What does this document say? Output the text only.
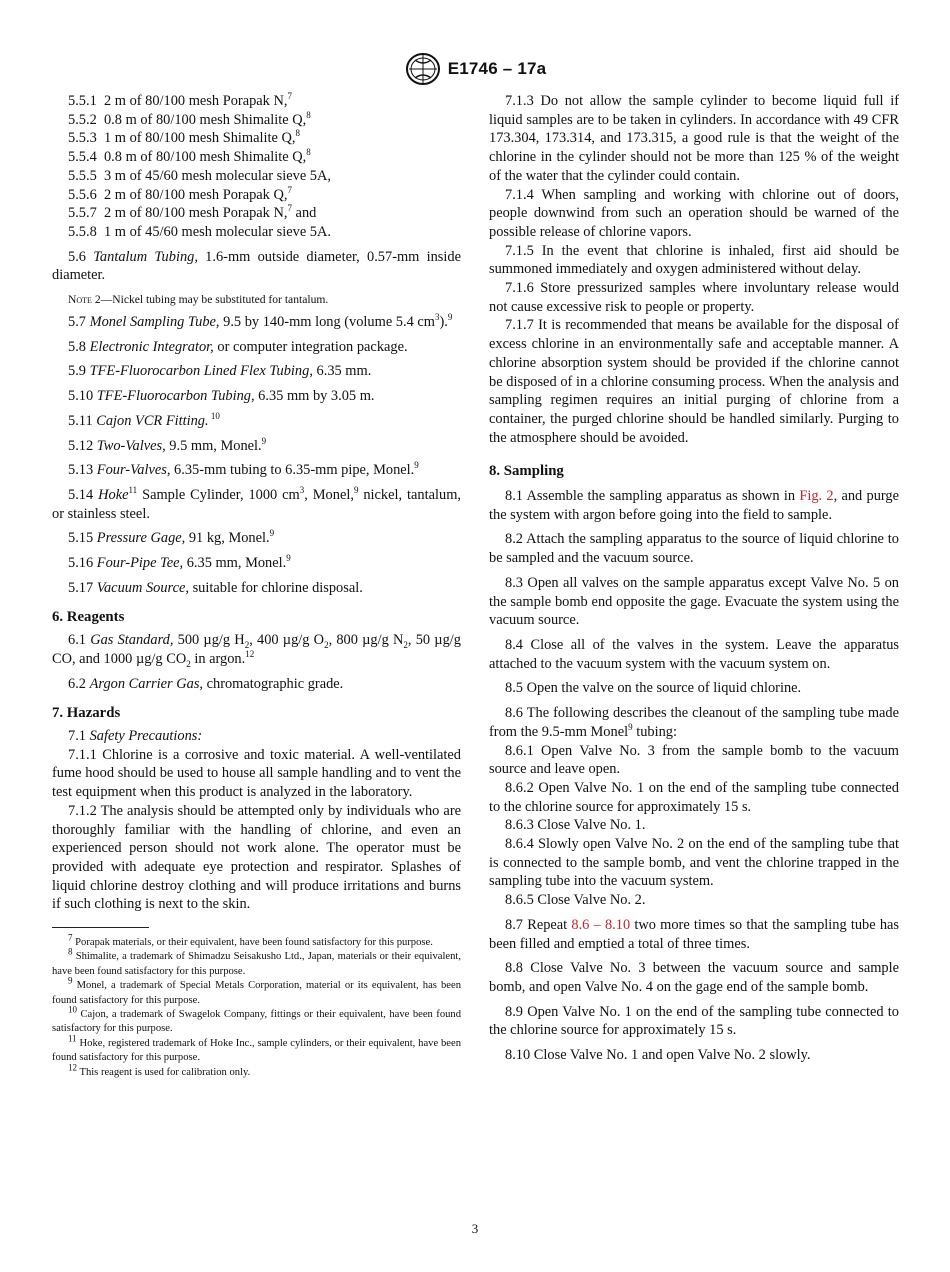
E1746 – 17a

5.5.1 2 m of 80/100 mesh Porapak N,$^7$

5.5.2 0.8 m of 80/100 mesh Shimalite Q,$^8$

5.5.3 1 m of 80/100 mesh Shimalite Q,$^8$

5.5.4 0.8 m of 80/100 mesh Shimalite Q,$^8$

5.5.5 3 m of 45/60 mesh molecular sieve 5A,

5.5.6 2 m of 80/100 mesh Porapak Q,$^7$

5.5.7 2 m of 80/100 mesh Porapak N,$^7$ and

5.5.8 1 m of 45/60 mesh molecular sieve 5A.

5.6 Tantalum Tubing, 1.6-mm outside diameter, 0.57-mm inside diameter.

Note 2—Nickel tubing may be substituted for tantalum.

5.7 Monel Sampling Tube, 9.5 by 140-mm long (volume 5.4 $cm^3).^9$

5.8 Electronic Integrator, or computer integration package.

5.9 TFE-Fluorocarbon Lined Flex Tubing, 6.35 mm.

5.10 TFE-Fluorocarbon Tubing, 6.35 mm by 3.05 m.

5.11 Cajon VCR Fitting. $^{10}$

5.12 Two-Valves, 9.5 mm, Monel.$^9$

5.13 Four-Valves, 6.35-mm tubing to 6.35-mm pipe, Monel.$^9$

5.14 Hoke$^{11}$ Sample Cylinder, 1000 $cm^3$, Monel,$^9$ nickel, tantalum, or stainless steel.

5.15 Pressure Gage, 91 kg, Monel.$^9$

5.16 Four-Pipe Tee, 6.35 mm, Monel.$^9$

5.17 Vacuum Source, suitable for chlorine disposal.

6. Reagents

6.1 Gas Standard, 500 µg/g $H_2$, 400 µg/g $O_2$, 800 µg/g $N_2$, 50 µg/g CO, and 1000 µg/g $CO_2$ in argon.$^{12}$

6.2 Argon Carrier Gas, chromatographic grade.

7. Hazards

7.1 Safety Precautions:

7.1.1 Chlorine is a corrosive and toxic material. A well-ventilated fume hood should be used to house all sample handling and to vent the test equipment when this product is analyzed in the laboratory.

7.1.2 The analysis should be attempted only by individuals who are thoroughly familiar with the handling of chlorine, and even an experienced person should not work alone. The operator must be provided with adequate eye protection and respirator. Splashes of liquid chlorine destroy clothing and will produce irritations and burns if such clothing is next to the skin.

$^7$ Porapak materials, or their equivalent, have been found satisfactory for this purpose.

$^8$ Shimalite, a trademark of Shimadzu Seisakusho Ltd., Japan, materials or their equivalent, have been found satisfactory for this purpose.

$^9$ Monel, a trademark of Special Metals Corporation, material or its equivalent, has been found satisfactory for this purpose.

$^{10}$ Cajon, a trademark of Swagelok Company, fittings or their equivalent, have been found satisfactory for this purpose.

$^{11}$ Hoke, registered trademark of Hoke Inc., sample cylinders, or their equivalent, have been found satisfactory for this purpose.

$^{12}$ This reagent is used for calibration only.

7.1.3 Do not allow the sample cylinder to become liquid full if liquid samples are to be taken in cylinders. In accordance with 49 CFR 173.304, 173.314, and 173.315, a good rule is that the weight of the chlorine in the cylinder should not be more than 125 % of the weight of the water that the cylinder could contain.

7.1.4 When sampling and working with chlorine out of doors, people downwind from such an operation should be warned of the possible release of chlorine vapors.

7.1.5 In the event that chlorine is inhaled, first aid should be summoned immediately and oxygen administered without delay.

7.1.6 Store pressurized samples where involuntary release would not cause excessive risk to people or property.

7.1.7 It is recommended that means be available for the disposal of excess chlorine in an environmentally safe and acceptable manner. A chlorine absorption system should be provided if the chlorine cannot be disposed of in a chlorine consuming process. When the analysis and sampling regimen requires an initial purging of chlorine from a container, the purged chlorine should be handled similarly. Purging to the atmosphere should be avoided.

8. Sampling

8.1 Assemble the sampling apparatus as shown in Fig. 2, and purge the system with argon before going into the field to sample.

8.2 Attach the sampling apparatus to the source of liquid chlorine to be sampled and the vacuum source.

8.3 Open all valves on the sample apparatus except Valve No. 5 on the sample bomb end opposite the gage. Evacuate the system using the vacuum source.

8.4 Close all of the valves in the system. Leave the apparatus attached to the vacuum system with the vacuum system on.

8.5 Open the valve on the source of liquid chlorine.

8.6 The following describes the cleanout of the sampling tube made from the 9.5-mm Monel$^9$ tubing:

8.6.1 Open Valve No. 3 from the sample bomb to the vacuum source and leave open.

8.6.2 Open Valve No. 1 on the end of the sampling tube connected to the chlorine source for approximately 15 s.

8.6.3 Close Valve No. 1.

8.6.4 Slowly open Valve No. 2 on the end of the sampling tube that is connected to the sample bomb, and vent the chlorine trapped in the sampling tube into the vacuum system.

8.6.5 Close Valve No. 2.

8.7 Repeat 8.6 – 8.10 two more times so that the sampling tube has been filled and emptied a total of three times.

8.8 Close Valve No. 3 between the vacuum source and sample bomb, and open Valve No. 4 on the gage end of the sample bomb.

8.9 Open Valve No. 1 on the end of the sampling tube connected to the chlorine source for approximately 15 s.

8.10 Close Valve No. 1 and open Valve No. 2 slowly.

3
